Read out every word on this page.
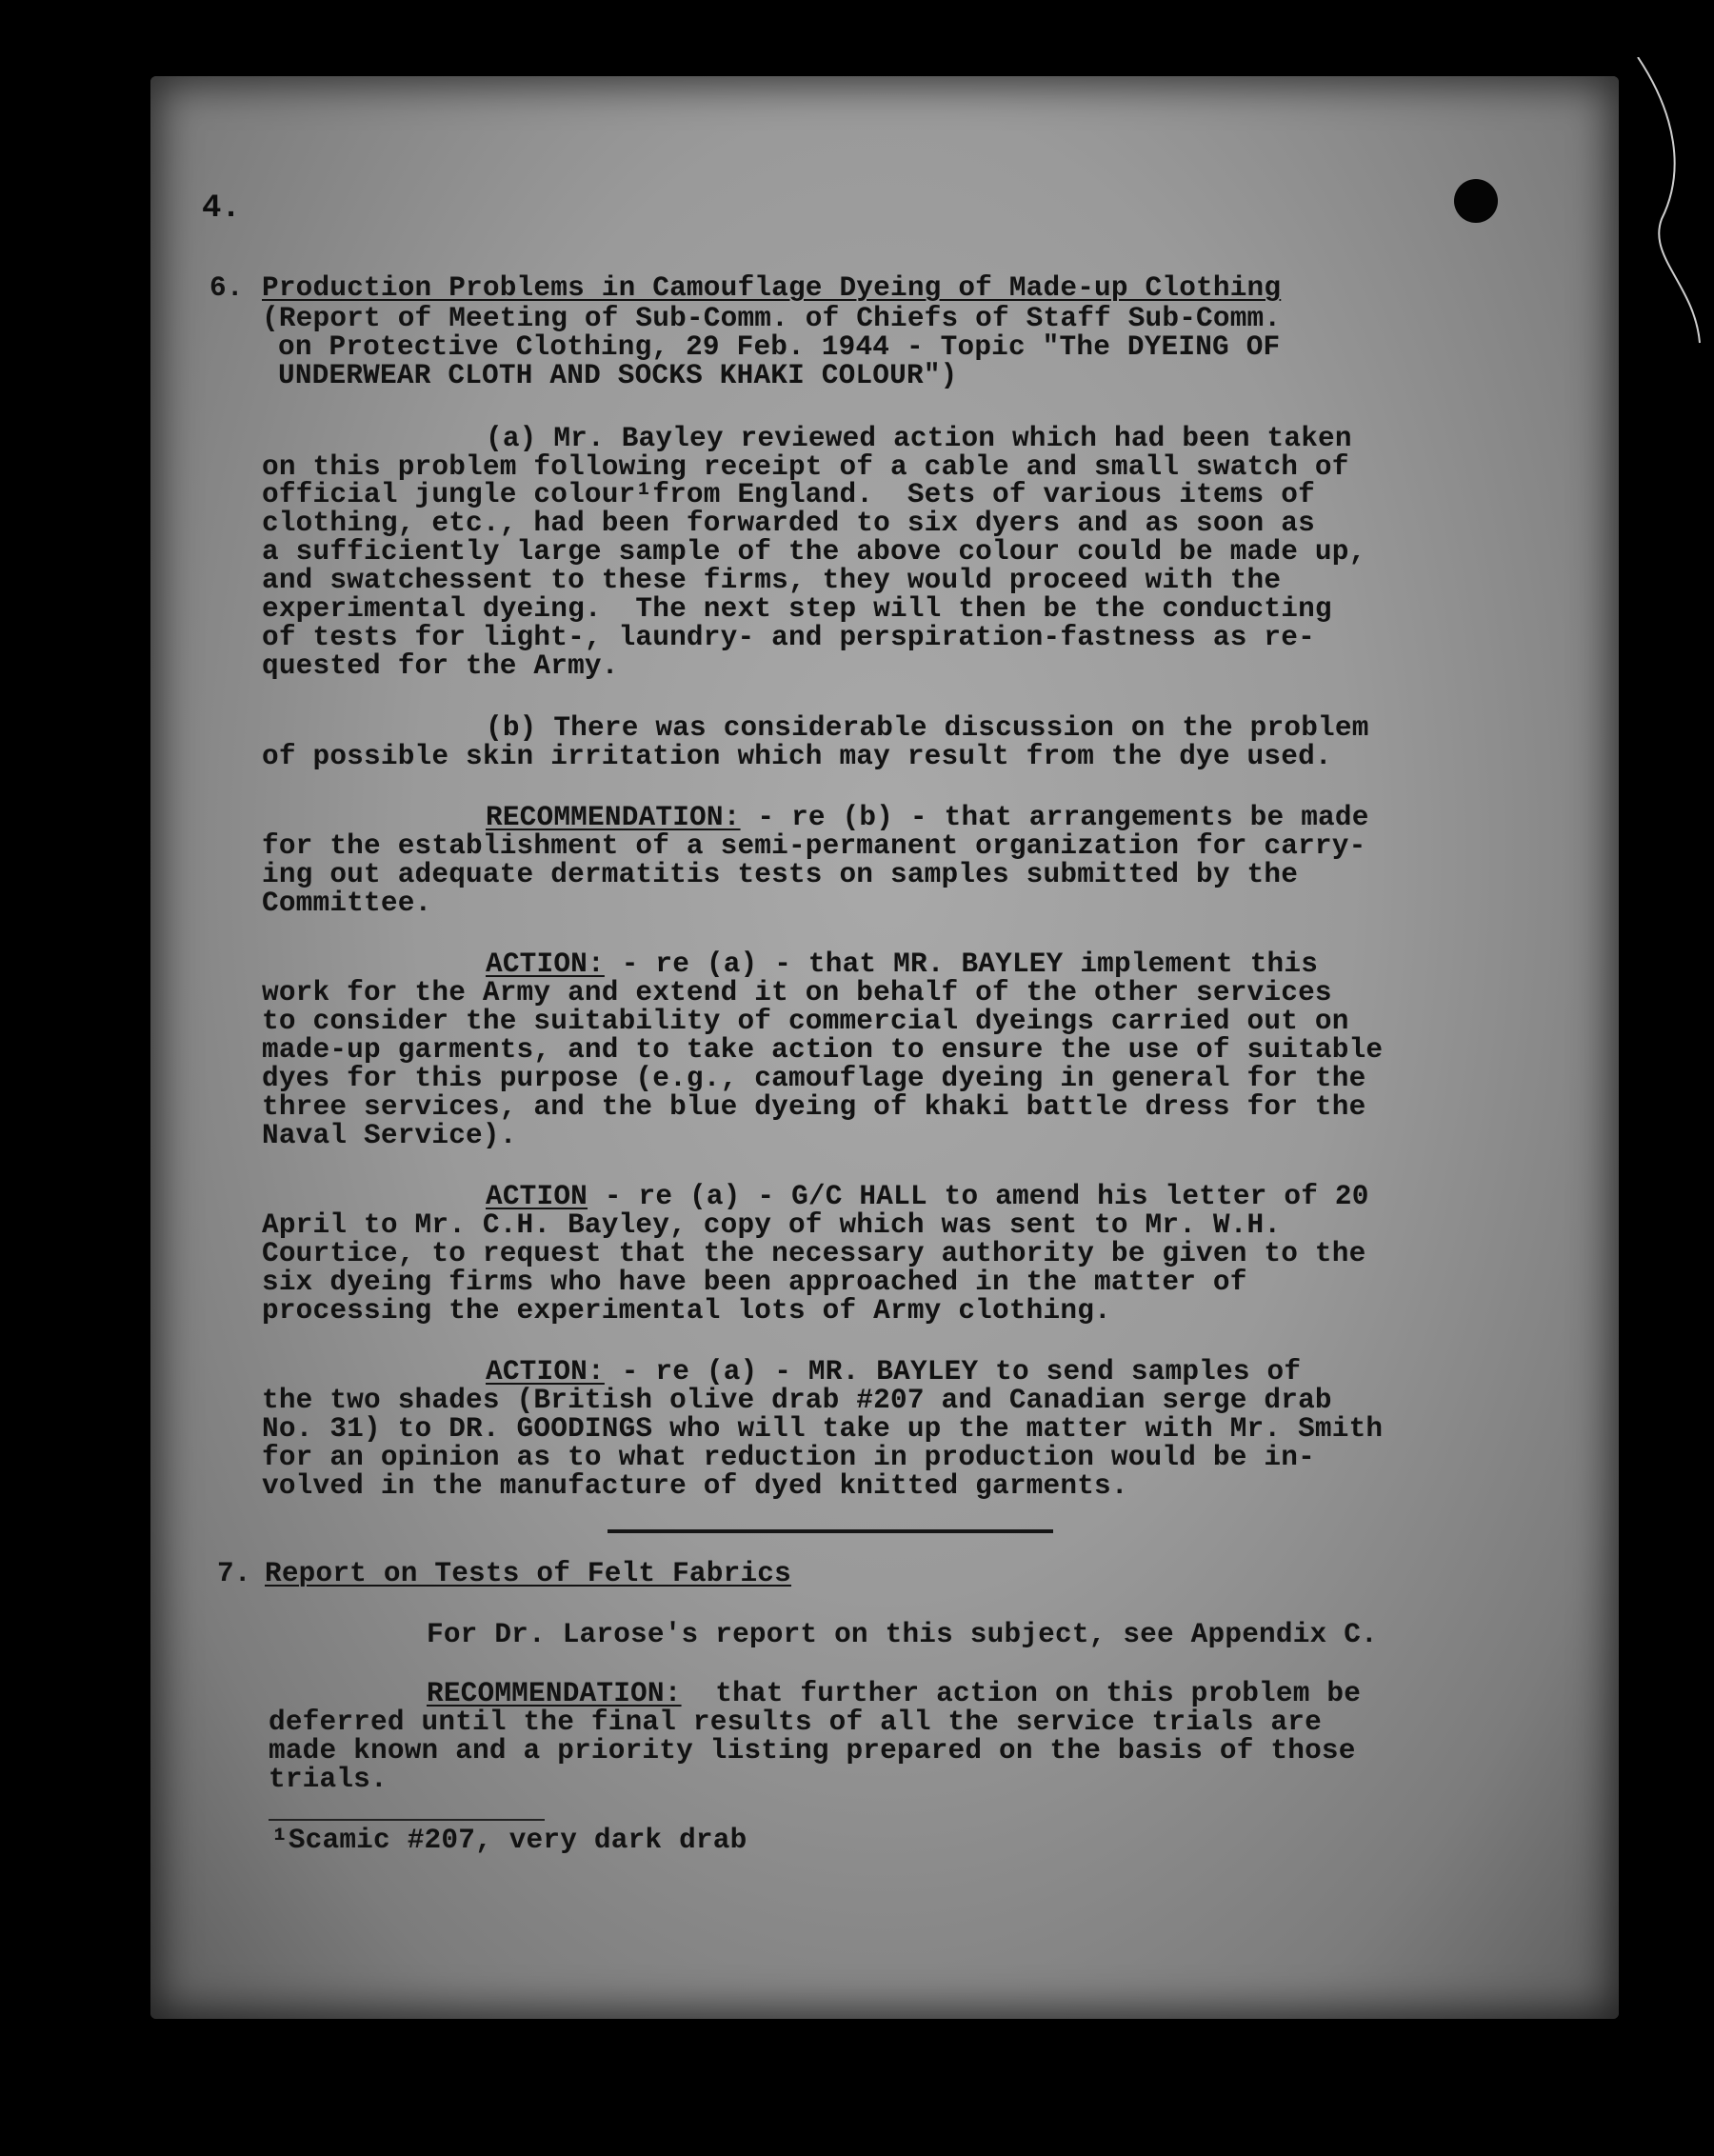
4.
6. Production Problems in Camouflage Dyeing of Made-up Clothing
(Report of Meeting of Sub-Comm. of Chiefs of Staff Sub-Comm.
on Protective Clothing, 29 Feb. 1944 - Topic "The DYEING OF
UNDERWEAR CLOTH AND SOCKS KHAKI COLOUR")
(a) Mr. Bayley reviewed action which had been taken
on this problem following receipt of a cable and small swatch of
official jungle colour¹from England.  Sets of various items of
clothing, etc., had been forwarded to six dyers and as soon as
a sufficiently large sample of the above colour could be made up,
and swatchessent to these firms, they would proceed with the
experimental dyeing.  The next step will then be the conducting
of tests for light-, laundry- and perspiration-fastness as re-
quested for the Army.
(b) There was considerable discussion on the problem
of possible skin irritation which may result from the dye used.
RECOMMENDATION: - re (b) - that arrangements be made
for the establishment of a semi-permanent organization for carry-
ing out adequate dermatitis tests on samples submitted by the
Committee.
ACTION: - re (a) - that MR. BAYLEY implement this
work for the Army and extend it on behalf of the other services
to consider the suitability of commercial dyeings carried out on
made-up garments, and to take action to ensure the use of suitable
dyes for this purpose (e.g., camouflage dyeing in general for the
three services, and the blue dyeing of khaki battle dress for the
Naval Service).
ACTION - re (a) - G/C HALL to amend his letter of 20
April to Mr. C.H. Bayley, copy of which was sent to Mr. W.H.
Courtice, to request that the necessary authority be given to the
six dyeing firms who have been approached in the matter of
processing the experimental lots of Army clothing.
ACTION: - re (a) - MR. BAYLEY to send samples of
the two shades (British olive drab #207 and Canadian serge drab
No. 31) to DR. GOODINGS who will take up the matter with Mr. Smith
for an opinion as to what reduction in production would be in-
volved in the manufacture of dyed knitted garments.
7. Report on Tests of Felt Fabrics
For Dr. Larose's report on this subject, see Appendix C.
RECOMMENDATION:  that further action on this problem be
deferred until the final results of all the service trials are
made known and a priority listing prepared on the basis of those
trials.
¹Scamic #207, very dark drab
